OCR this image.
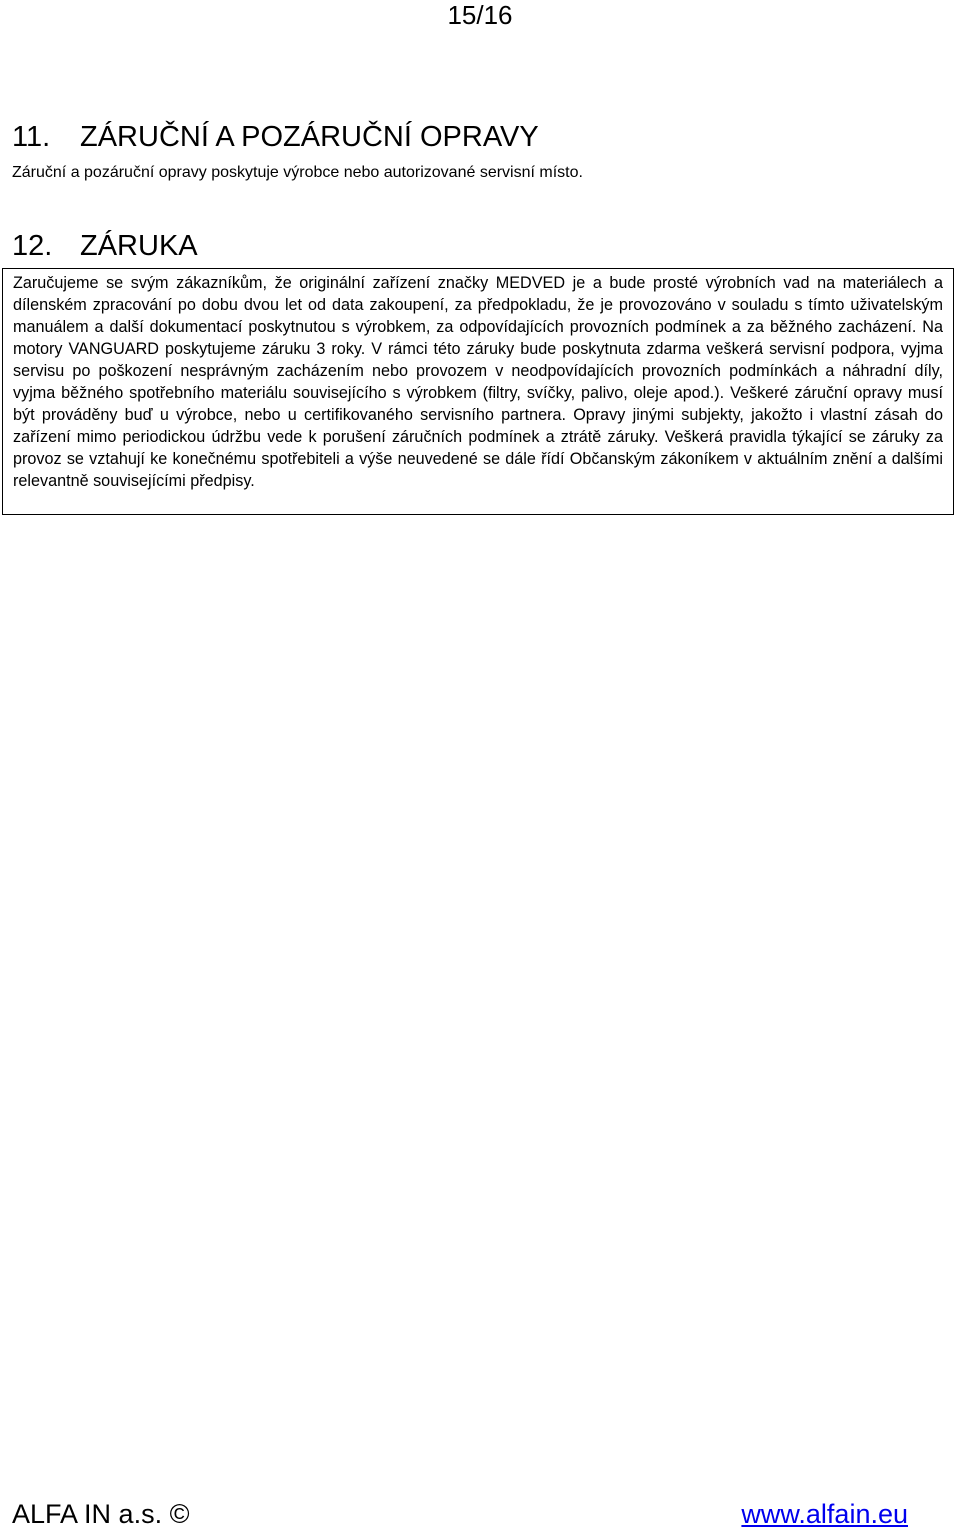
15/16
11. ZÁRUČNÍ A POZÁRUČNÍ OPRAVY
Záruční a pozáruční opravy poskytuje výrobce nebo autorizované servisní místo.
12. ZÁRUKA

Zaručujeme se svým zákazníkům, že originální zařízení značky MEDVED je a bude prosté výrobních vad na materiálech a dílenském zpracování po dobu dvou let od data zakoupení, za předpokladu, že je provozováno v souladu s tímto uživatelským manuálem a další dokumentací poskytnutou s výrobkem, za odpovídajících provozních podmínek a za běžného zacházení. Na motory VANGUARD poskytujeme záruku 3 roky. V rámci této záruky bude poskytnuta zdarma veškerá servisní podpora, vyjma servisu po poškození nesprávným zacházením nebo provozem v neodpovídajících provozních podmínkách a náhradní díly, vyjma běžného spotřebního materiálu souvisejícího s výrobkem (filtry, svíčky, palivo, oleje apod.). Veškeré záruční opravy musí být prováděny buď u výrobce, nebo u certifikovaného servisního partnera. Opravy jinými subjekty, jakožto i vlastní zásah do zařízení mimo periodickou údržbu vede k porušení záručních podmínek a ztrátě záruky. Veškerá pravidla týkající se záruky za provoz se vztahují ke konečnému spotřebiteli a výše neuvedené se dále řídí Občanským zákoníkem v aktuálním znění a dalšími relevantně souvisejícími předpisy.

ALFA IN a.s. ©	www.alfain.eu
